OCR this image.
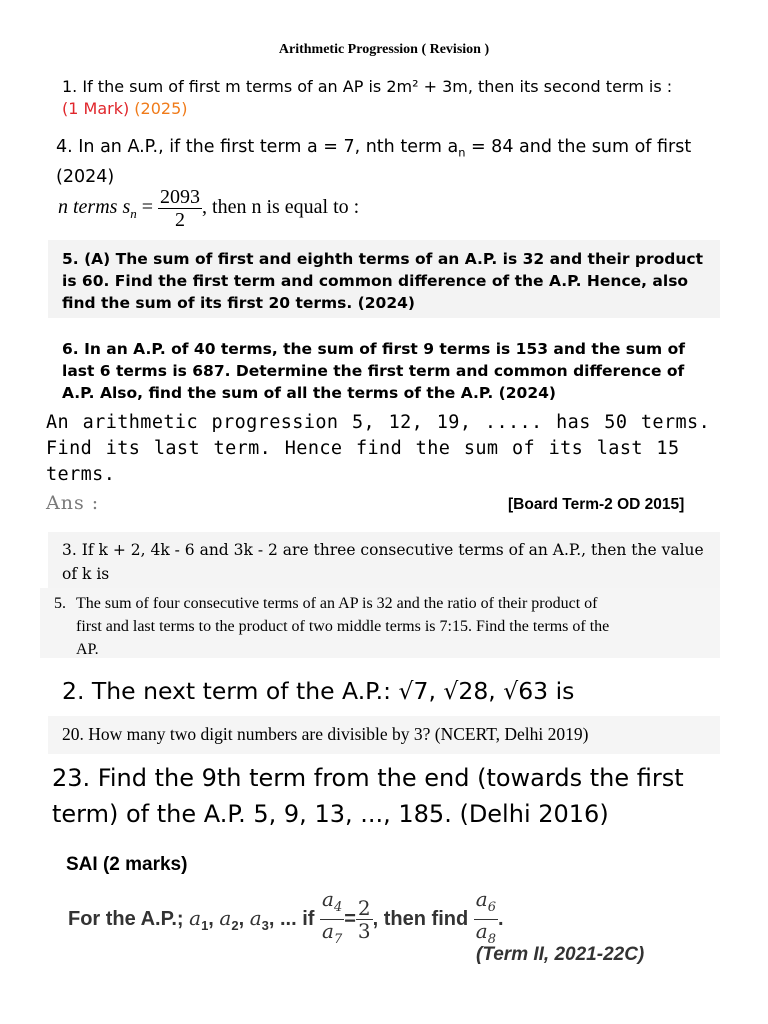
Arithmetic Progression ( Revision )
1. If the sum of first m terms of an AP is 2m² + 3m, then its second term is :
(1 Mark) (2025)
4. In an A.P., if the first term a = 7, nth term $a_n = 84$ and the sum of first
(2024)
n terms $s_n = \frac{2093}{2}$ , then n is equal to :
5. (A) The sum of first and eighth terms of an A.P. is 32 and their product is 60. Find the first term and common difference of the A.P. Hence, also find the sum of its first 20 terms. (2024)
6. In an A.P. of 40 terms, the sum of first 9 terms is 153 and the sum of last 6 terms is 687. Determine the first term and common difference of A.P. Also, find the sum of all the terms of the A.P. (2024)
An arithmetic progression 5, 12, 19, ..... has 50 terms. Find its last term. Hence find the sum of its last 15 terms.
Ans :	[Board Term-2 OD 2015]
3. If k + 2, 4k - 6 and 3k - 2 are three consecutive terms of an A.P., then the value of k is
5. The sum of four consecutive terms of an AP is 32 and the ratio of their product of
first and last terms to the product of two middle terms is 7:15. Find the terms of the
AP.
2. The next term of the A.P.: √7, √28, √63 is
20. How many two digit numbers are divisible by 3? (NCERT, Delhi 2019)
23. Find the 9th term from the end (towards the first term) of the A.P. 5, 9, 13, ..., 185. (Delhi 2016)
SAI (2 marks)
For the A.P.; $a_1$, $a_2$, $a_3$, ... if $\frac{a_4}{a_7} = \frac{2}{3}$ , then find $\frac{a_6}{a_8}$ .
(Term II, 2021-22C)
